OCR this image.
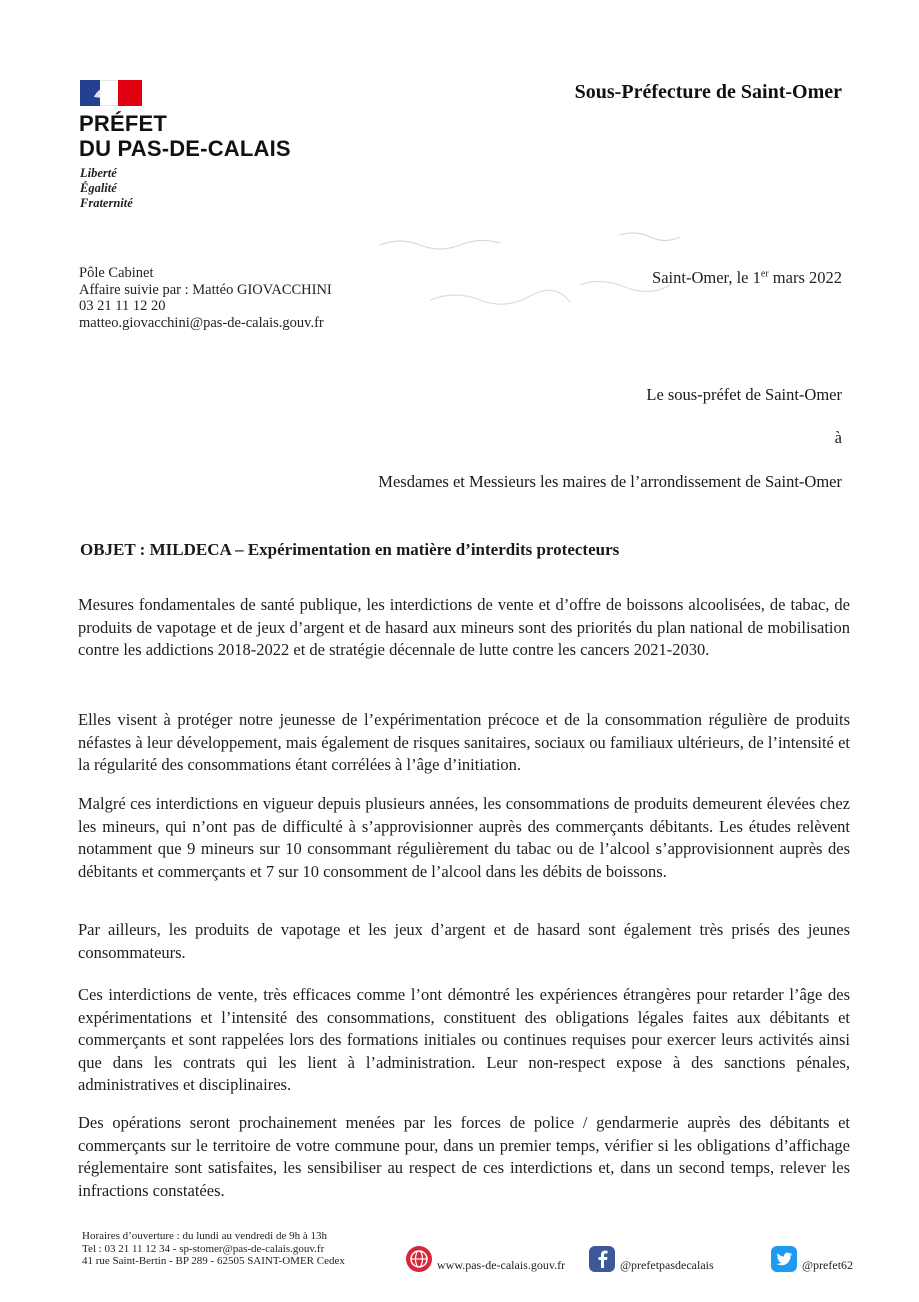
PRÉFET
DU PAS-DE-CALAIS
Liberté
Égalité
Fraternité
Sous-Préfecture de Saint-Omer
Pôle Cabinet
Affaire suivie par : Mattéo GIOVACCHINI
03 21 11 12 20
matteo.giovacchini@pas-de-calais.gouv.fr
Saint-Omer, le 1er mars 2022
Le sous-préfet de Saint-Omer
à
Mesdames et Messieurs les maires de l’arrondissement de Saint-Omer
OBJET : MILDECA – Expérimentation en matière d’interdits protecteurs
Mesures fondamentales de santé publique, les interdictions de vente et d’offre de boissons alcoolisées, de tabac, de produits de vapotage et de jeux d’argent et de hasard aux mineurs sont des priorités du plan national de mobilisation contre les addictions 2018-2022 et de stratégie décennale de lutte contre les cancers 2021-2030.
Elles visent à protéger notre jeunesse de l’expérimentation précoce et de la consommation régulière de produits néfastes à leur développement, mais également de risques sanitaires, sociaux ou familiaux ultérieurs, de l’intensité et la régularité des consommations étant corrélées à l’âge d’initiation.
Malgré ces interdictions en vigueur depuis plusieurs années, les consommations de produits demeurent élevées chez les mineurs, qui n’ont pas de difficulté à s’approvisionner auprès des commerçants débitants. Les études relèvent notamment que 9 mineurs sur 10 consommant régulièrement du tabac ou de l’alcool s’approvisionnent auprès des débitants et commerçants et 7 sur 10 consomment de l’alcool dans les débits de boissons.
Par ailleurs, les produits de vapotage et les jeux d’argent et de hasard sont également très prisés des jeunes consommateurs.
Ces interdictions de vente, très efficaces comme l’ont démontré les expériences étrangères pour retarder l’âge des expérimentations et l’intensité des consommations, constituent des obligations légales faites aux débitants et commerçants et sont rappelées lors des formations initiales ou continues requises pour exercer leurs activités ainsi que dans les contrats qui les lient à l’administration. Leur non-respect expose à des sanctions pénales, administratives et disciplinaires.
Des opérations seront prochainement menées par les forces de police / gendarmerie auprès des débitants et commerçants sur le territoire de votre commune pour, dans un premier temps, vérifier si les obligations d’affichage réglementaire sont satisfaites, les sensibiliser au respect de ces interdictions et, dans un second temps, relever les infractions constatées.
Horaires d’ouverture : du lundi au vendredi de 9h à 13h
Tel : 03 21 11 12 34 - sp-stomer@pas-de-calais.gouv.fr
41 rue Saint-Bertin - BP 289 - 62505 SAINT-OMER Cedex	www.pas-de-calais.gouv.fr	@prefetpasdecalais	@prefet62
